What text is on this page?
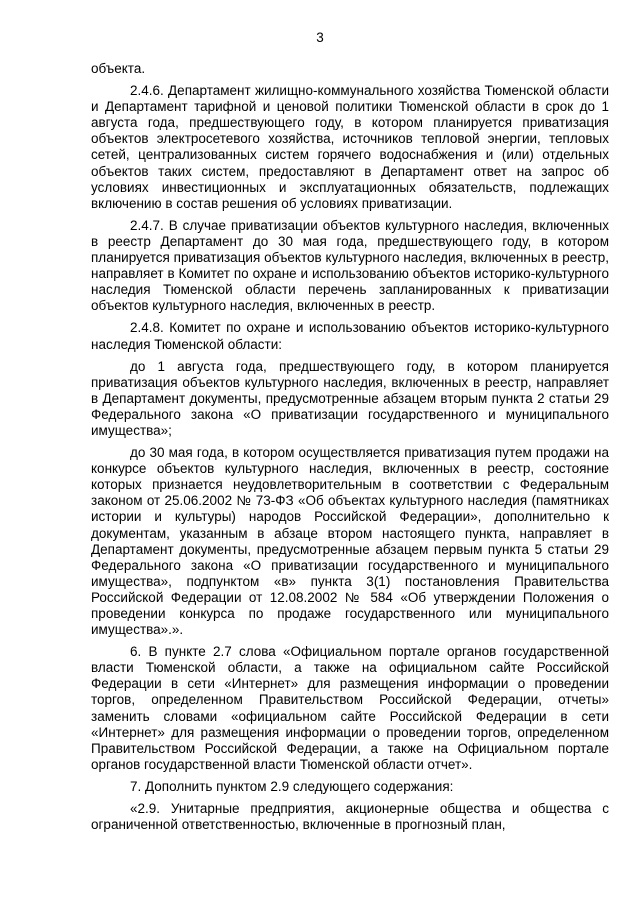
3

объекта.

2.4.6. Департамент жилищно-коммунального хозяйства Тюменской области и Департамент тарифной и ценовой политики Тюменской области в срок до 1 августа года, предшествующего году, в котором планируется приватизация объектов электросетевого хозяйства, источников тепловой энергии, тепловых сетей, централизованных систем горячего водоснабжения и (или) отдельных объектов таких систем, предоставляют в Департамент ответ на запрос об условиях инвестиционных и эксплуатационных обязательств, подлежащих включению в состав решения об условиях приватизации.

2.4.7. В случае приватизации объектов культурного наследия, включенных в реестр Департамент до 30 мая года, предшествующего году, в котором планируется приватизация объектов культурного наследия, включенных в реестр, направляет в Комитет по охране и использованию объектов историко-культурного наследия Тюменской области перечень запланированных к приватизации объектов культурного наследия, включенных в реестр.

2.4.8. Комитет по охране и использованию объектов историко-культурного наследия Тюменской области:

до 1 августа года, предшествующего году, в котором планируется приватизация объектов культурного наследия, включенных в реестр, направляет в Департамент документы, предусмотренные абзацем вторым пункта 2 статьи 29 Федерального закона «О приватизации государственного и муниципального имущества»;

до 30 мая года, в котором осуществляется приватизация путем продажи на конкурсе объектов культурного наследия, включенных в реестр, состояние которых признается неудовлетворительным в соответствии с Федеральным законом от 25.06.2002 № 73-ФЗ «Об объектах культурного наследия (памятниках истории и культуры) народов Российской Федерации», дополнительно к документам, указанным в абзаце втором настоящего пункта, направляет в Департамент документы, предусмотренные абзацем первым пункта 5 статьи 29 Федерального закона «О приватизации государственного и муниципального имущества», подпунктом «в» пункта 3(1) постановления Правительства Российской Федерации от 12.08.2002 № 584 «Об утверждении Положения о проведении конкурса по продаже государственного или муниципального имущества».».

6. В пункте 2.7 слова «Официальном портале органов государственной власти Тюменской области, а также на официальном сайте Российской Федерации в сети «Интернет» для размещения информации о проведении торгов, определенном Правительством Российской Федерации, отчеты» заменить словами «официальном сайте Российской Федерации в сети «Интернет» для размещения информации о проведении торгов, определенном Правительством Российской Федерации, а также на Официальном портале органов государственной власти Тюменской области отчет».

7. Дополнить пунктом 2.9 следующего содержания:

«2.9. Унитарные предприятия, акционерные общества и общества с ограниченной ответственностью, включенные в прогнозный план,
